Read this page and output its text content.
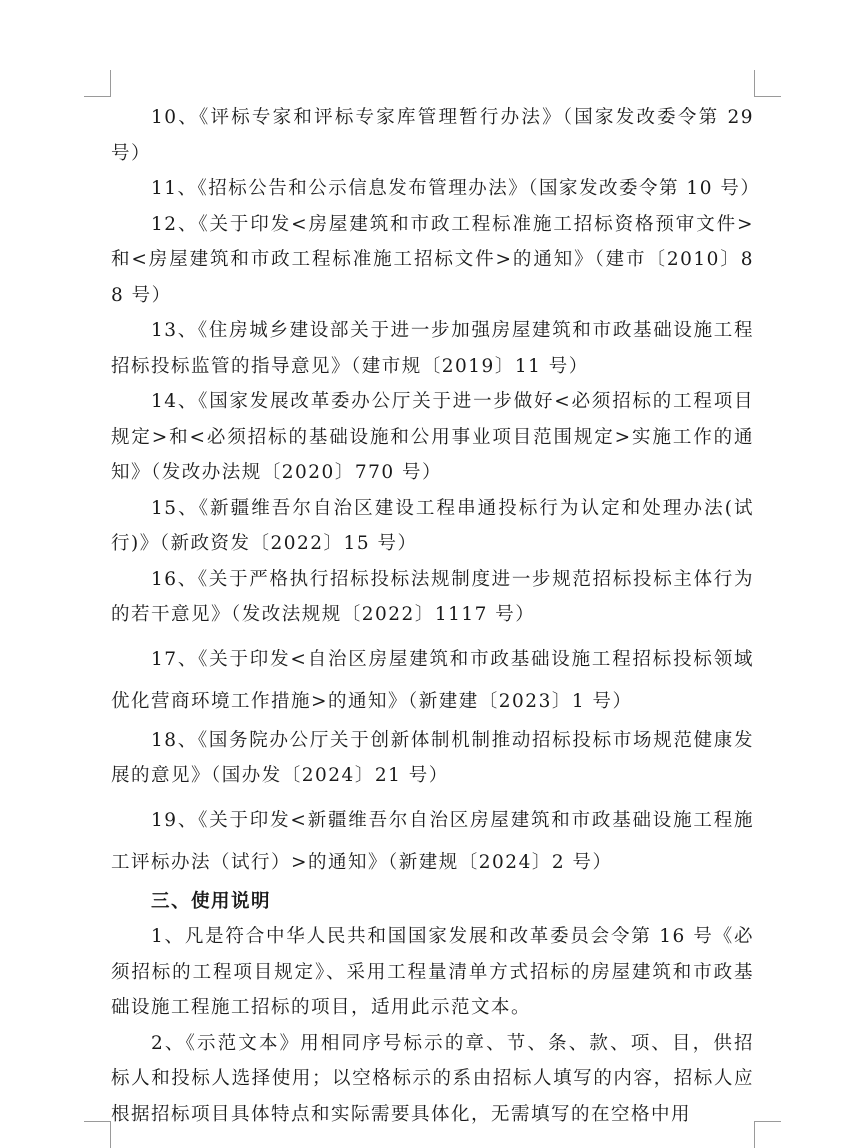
10、《评标专家和评标专家库管理暂行办法》（国家发改委令第 29 号）

11、《招标公告和公示信息发布管理办法》（国家发改委令第 10 号）

12、《关于印发<房屋建筑和市政工程标准施工招标资格预审文件>和<房屋建筑和市政工程标准施工招标文件>的通知》（建市〔2010〕88 号）

13、《住房城乡建设部关于进一步加强房屋建筑和市政基础设施工程招标投标监管的指导意见》（建市规〔2019〕11 号）

14、《国家发展改革委办公厅关于进一步做好<必须招标的工程项目规定>和<必须招标的基础设施和公用事业项目范围规定>实施工作的通知》（发改办法规〔2020〕770 号）

15、《新疆维吾尔自治区建设工程串通投标行为认定和处理办法(试行)》（新政资发〔2022〕15 号）

16、《关于严格执行招标投标法规制度进一步规范招标投标主体行为的若干意见》（发改法规规〔2022〕1117 号）

17、《关于印发<自治区房屋建筑和市政基础设施工程招标投标领域优化营商环境工作措施>的通知》（新建建〔2023〕1 号）

18、《国务院办公厅关于创新体制机制推动招标投标市场规范健康发展的意见》（国办发〔2024〕21 号）

19、《关于印发<新疆维吾尔自治区房屋建筑和市政基础设施工程施工评标办法（试行）>的通知》（新建规〔2024〕2 号）

三、使用说明

1、凡是符合中华人民共和国国家发展和改革委员会令第 16 号《必须招标的工程项目规定》、采用工程量清单方式招标的房屋建筑和市政基础设施工程施工招标的项目，适用此示范文本。

2、《示范文本》用相同序号标示的章、节、条、款、项、目，供招标人和投标人选择使用；以空格标示的系由招标人填写的内容，招标人应根据招标项目具体特点和实际需要具体化，无需填写的在空格中用
